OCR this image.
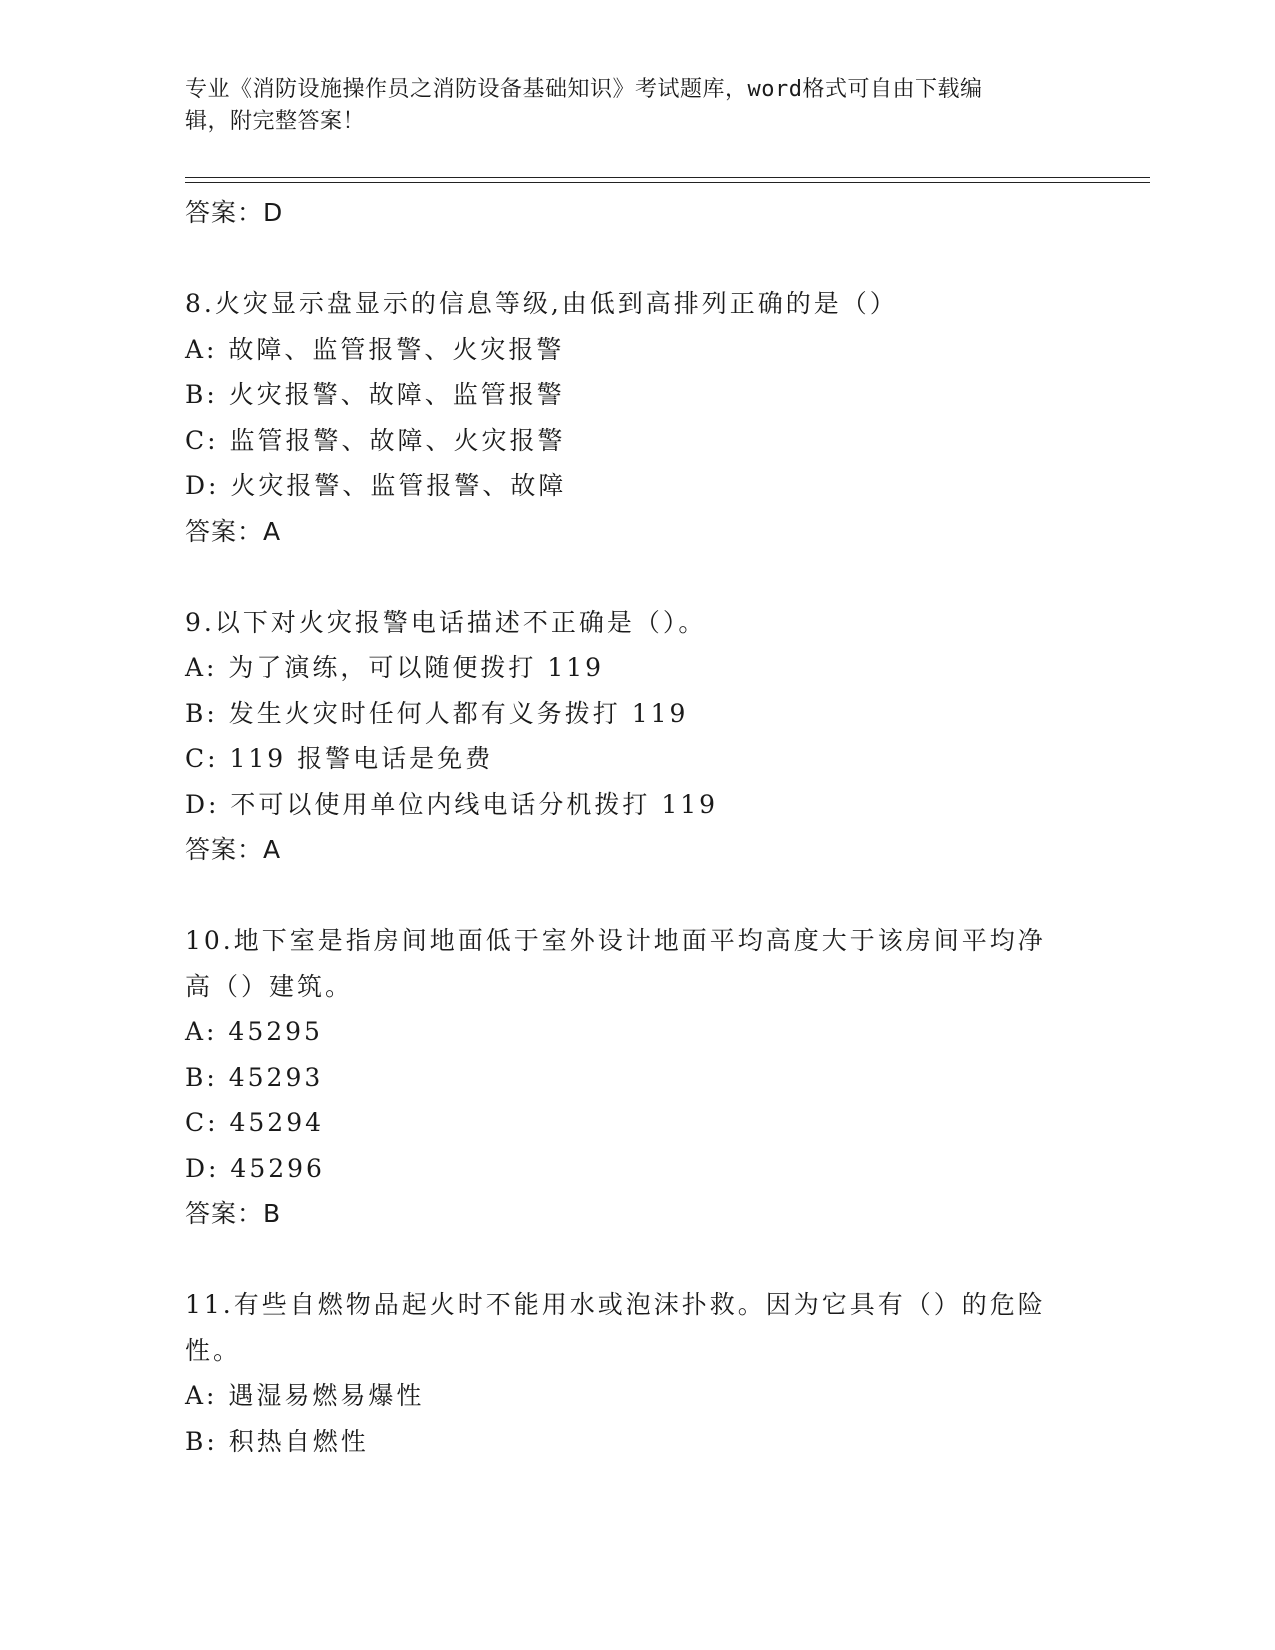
专业《消防设施操作员之消防设备基础知识》考试题库，word格式可自由下载编
辑，附完整答案！
答案：D
8.火灾显示盘显示的信息等级,由低到高排列正确的是（）
A: 故障、监管报警、火灾报警
B: 火灾报警、故障、监管报警
C: 监管报警、故障、火灾报警
D: 火灾报警、监管报警、故障
答案：A
9.以下对火灾报警电话描述不正确是（）。
A: 为了演练，可以随便拨打 119
B: 发生火灾时任何人都有义务拨打 119
C: 119 报警电话是免费
D: 不可以使用单位内线电话分机拨打 119
答案：A
10.地下室是指房间地面低于室外设计地面平均高度大于该房间平均净
高（）建筑。
A: 45295
B: 45293
C: 45294
D: 45296
答案：B
11.有些自燃物品起火时不能用水或泡沫扑救。因为它具有（）的危险
性。
A: 遇湿易燃易爆性
B: 积热自燃性
